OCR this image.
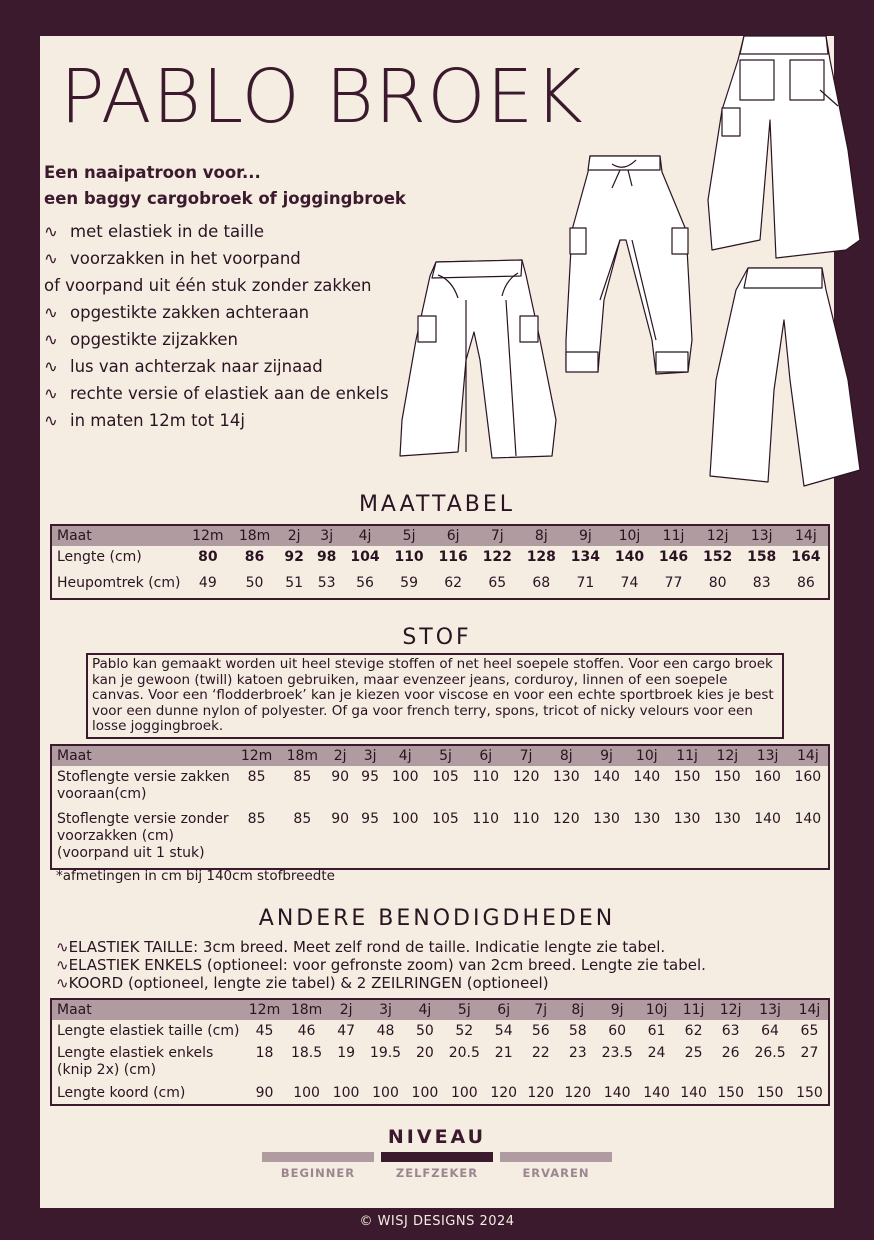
PABLO BROEK
Een naaipatroon voor...
een baggy cargobroek of joggingbroek
∿ met elastiek in de taille
∿ voorzakken in het voorpand
of voorpand uit één stuk zonder zakken
∿ opgestikte zakken achteraan
∿ opgestikte zijzakken
∿ lus van achterzak naar zijnaad
∿ rechte versie of elastiek aan de enkels
∿ in maten 12m tot 14j
MAATTABEL
Maat	12m	18m	2j	3j	4j	5j	6j	7j	8j	9j	10j	11j	12j	13j	14j

Lengte (cm)	80	86	92	98	104	110	116	122	128	134	140	146	152	158	164

Heupomtrek (cm)	49	50	51	53	56	59	62	65	68	71	74	77	80	83	86
STOF
Pablo kan gemaakt worden uit heel stevige stoffen of net heel soepele stoffen. Voor een cargo broek kan je gewoon (twill) katoen gebruiken, maar evenzeer jeans, corduroy, linnen of een soepele canvas. Voor een ‘flodderbroek’ kan je kiezen voor viscose en voor een echte sportbroek kies je best voor een dunne nylon of polyester. Of ga voor french terry, spons, tricot of nicky velours voor een losse joggingbroek.
Maat	12m	18m	2j	3j	4j	5j	6j	7j	8j	9j	10j	11j	12j	13j	14j

Stoflengte versie zakken
vooraan(cm)	85	85	90	95	100	105	110	120	130	140	140	150	150	160	160

Stoflengte versie zonder
voorzakken (cm)
(voorpand uit 1 stuk)	85	85	90	95	100	105	110	110	120	130	130	130	130	140	140
*afmetingen in cm bij 140cm stofbreedte
ANDERE BENODIGDHEDEN
∿ELASTIEK TAILLE: 3cm breed. Meet zelf rond de taille. Indicatie lengte zie tabel.
∿ELASTIEK ENKELS (optioneel: voor gefronste zoom) van 2cm breed. Lengte zie tabel.
∿KOORD (optioneel, lengte zie tabel) & 2 ZEILRINGEN (optioneel)
Maat	12m	18m	2j	3j	4j	5j	6j	7j	8j	9j	10j	11j	12j	13j	14j

Lengte elastiek taille (cm)	45	46	47	48	50	52	54	56	58	60	61	62	63	64	65

Lengte elastiek enkels
(knip 2x) (cm)	18	18.5	19	19.5	20	20.5	21	22	23	23.5	24	25	26	26.5	27

Lengte koord (cm)	90	100	100	100	100	100	120	120	120	140	140	140	150	150	150
NIVEAU
BEGINNER	ZELFZEKER	ERVAREN
© WISJ DESIGNS 2024
